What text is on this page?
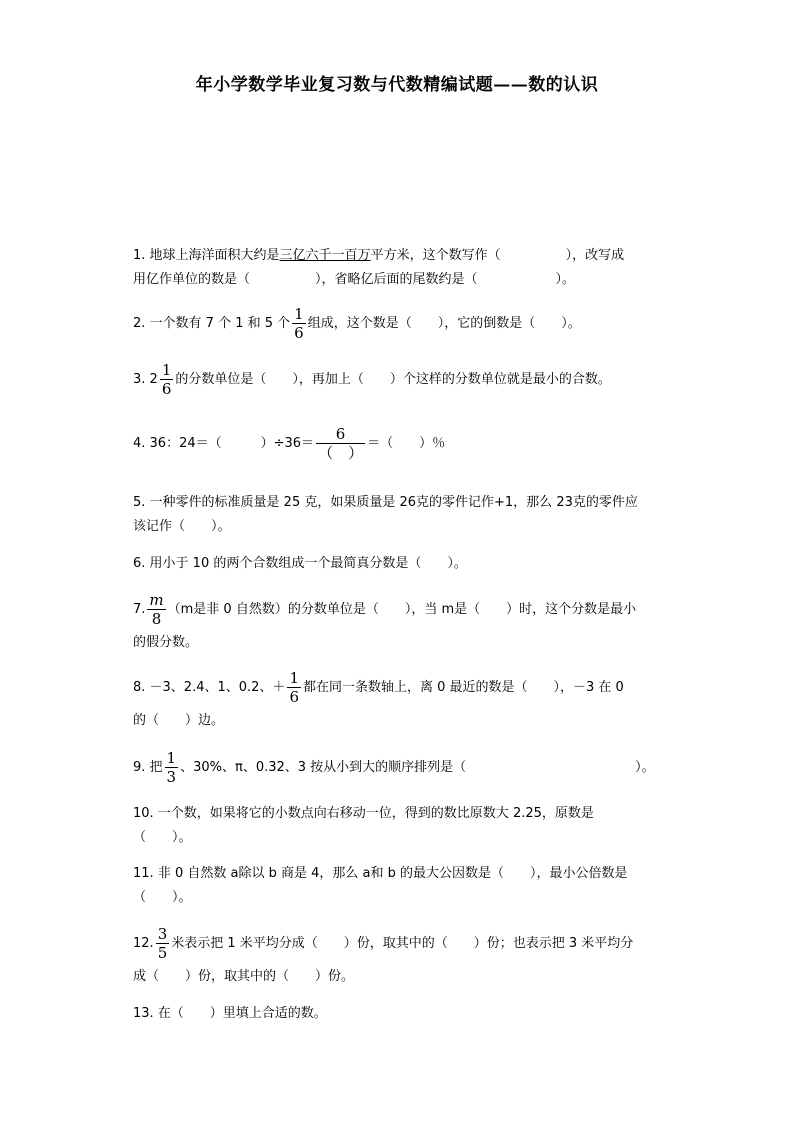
年小学数学毕业复习数与代数精编试题——数的认识
1. 地球上海洋面积大约是三亿六千一百万平方米，这个数写作（　　　　　），改写成
用亿作单位的数是（　　　　　），省略亿后面的尾数约是（　　　　　　）。
2. 一个数有 7 个 1 和 5 个 $\frac{1}{6}$ 组成，这个数是（　　），它的倒数是（　　）。
3. $2 \frac{1}{6}$ 的分数单位是（　　），再加上（　　）个这样的分数单位就是最小的合数。
4. 36：24＝（　　　）$\div 36= \frac{6}{( )}$ ＝（　　）％
5. 一种零件的标准质量是 25 克，如果质量是 26克的零件记作+1，那么 23克的零件应
该记作（　　）。
6. 用小于 10 的两个合数组成一个最简真分数是（　　）。
7. $\frac{m}{8} (m$是非 0 自然数）的分数单位是（　　），当 m是（　　）时，这个分数是最小
的假分数。
8. －3、2.4、1、0.2、＋ $\frac{1}{6}$ 都在同一条数轴上，离 0 最近的数是（　　），－3 在 0
的（　　）边。
9. 把 $\frac{1}{3}$ 、30%、π、0.32、3 按从小到大的顺序排列是（　　　　　　　　　　　　　）。
10. 一个数，如果将它的小数点向右移动一位，得到的数比原数大 2.25，原数是
（　　）。
11. 非 0 自然数 a除以 b 商是 4，那么 a和 b 的最大公因数是（　　），最小公倍数是
（　　）。
12. $\frac{3}{5}$ 米表示把 1 米平均分成（　　）份，取其中的（　　）份；也表示把 3 米平均分
成（　　）份，取其中的（　　）份。
13. 在（　　）里填上合适的数。
